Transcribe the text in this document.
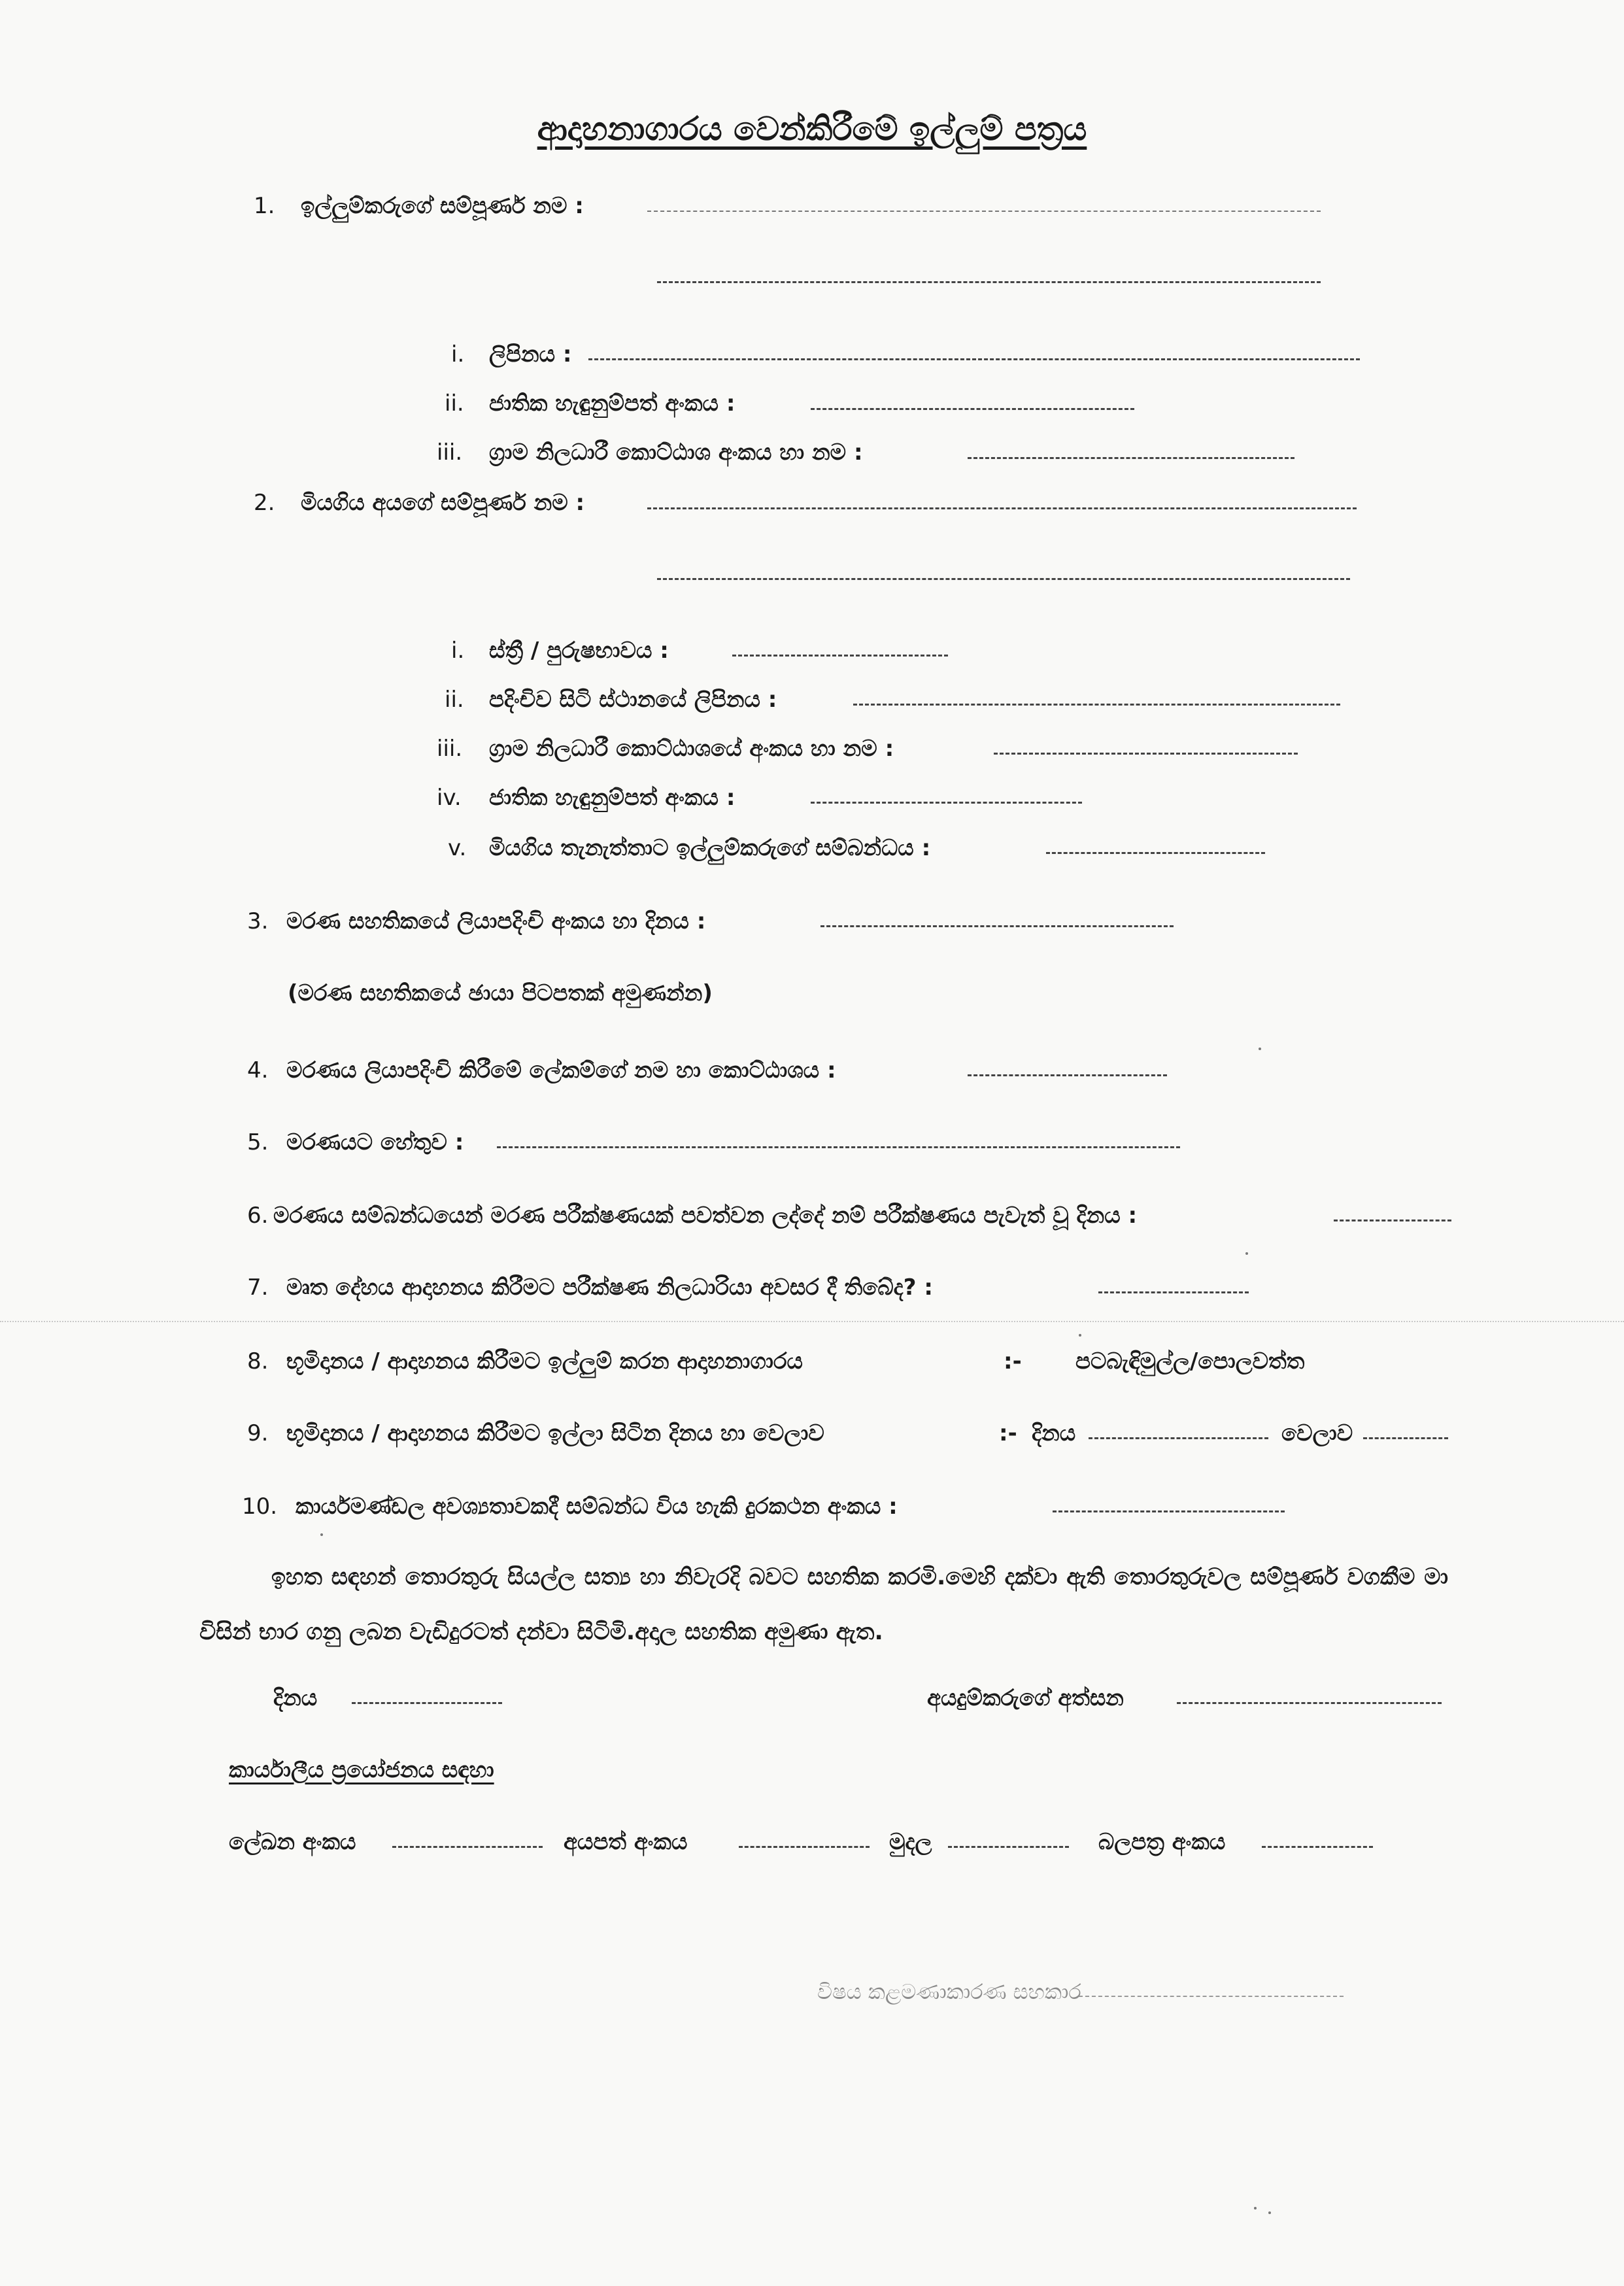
ආදාහනාගාරය වෙන්කිරීමේ ඉල්ලුම් පත්‍රය
1. ඉල්ලුම්කරුගේ සම්පූර්ණ නම :
i. ලිපිනය :
ii. ජාතික හැඳුනුම්පත් අංකය :
iii. ග්‍රාම නිලධාරී කොට්ඨාශ අංකය හා නම :
2. මියගිය අයගේ සම්පූර්ණ නම :
i. ස්ත්‍රී / පුරුෂභාවය :
ii. පදිංචිව සිටි ස්ථානයේ ලිපිනය :
iii. ග්‍රාම නිලධාරී කොට්ඨාශයේ අංකය හා නම :
iv. ජාතික හැඳුනුම්පත් අංකය :
v. මියගිය තැනැත්තාට ඉල්ලුම්කරුගේ සම්බන්ධය :
3. මරණ සහතිකයේ ලියාපදිංචි අංකය හා දිනය :
(මරණ සහතිකයේ ඡායා පිටපතක් අමුණන්න)
4. මරණය ලියාපදිංචි කිරීමේ ලේකම්ගේ නම හා කොට්ඨාශය :
5. මරණයට හේතුව :
6. මරණය සම්බන්ධයෙන් මරණ පරීක්ෂණයක් පවත්වන ලද්දේ නම් පරීක්ෂණය පැවැත් වූ දිනය :
7. මෘත දේහය ආදාහනය කිරීමට පරීක්ෂණ නිලධාරියා අවසර දී තිබේද? :
8. භූමිදානය / ආදාහනය කිරීමට ඉල්ලුම් කරන ආදාහනාගාරය	:- පටබැඳිමුල්ල/පොලවත්ත
9. භූමිදානය / ආදාහනය කිරීමට ඉල්ලා සිටින දිනය හා වෙලාව	:- දිනය	වෙලාව
10. කාර්යමණ්ඩල අවශ්‍යතාවකදී සම්බන්ධ විය හැකි දුරකථන අංකය :
ඉහත සඳහන් තොරතුරු සියල්ල සත්‍ය හා නිවැරදි බවට සහතික කරමි.මෙහි දක්වා ඇති තොරතුරුවල සම්පූර්ණ වගකීම මා විසින් භාර ගනු ලබන වැඩිදුරටත් දන්වා සිටිමි.අදාල සහතික අමුණා ඇත.
දිනය	අයදුම්කරුගේ අත්සන
කාර්යාලීය ප්‍රයෝජනය සඳහා
ලේඛන අංකය	අයපත් අංකය	මුදල	බලපත්‍ර අංකය
විෂය කළමණාකාරණ සහකාර
